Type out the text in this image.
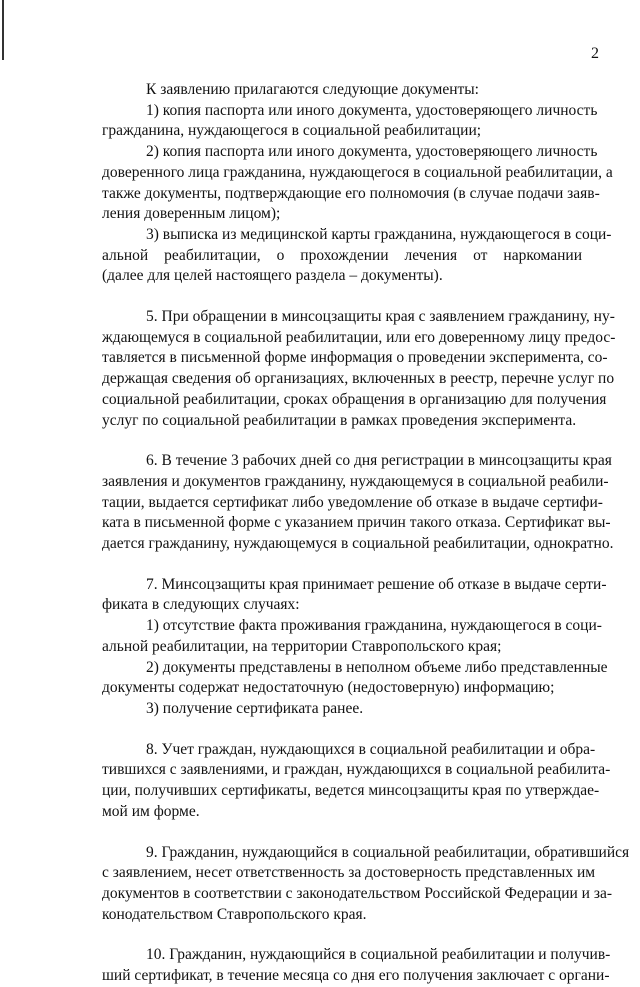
2
К заявлению прилагаются следующие документы:
1) копия паспорта или иного документа, удостоверяющего личность
гражданина, нуждающегося в социальной реабилитации;
2) копия паспорта или иного документа, удостоверяющего личность
доверенного лица гражданина, нуждающегося в социальной реабилитации, а
также документы, подтверждающие его полномочия (в случае подачи заяв-
ления доверенным лицом);
3) выписка из медицинской карты гражданина, нуждающегося в соци-
альной реабилитации, о прохождении лечения от наркомании
(далее для целей настоящего раздела – документы).
5. При обращении в минсоцзащиты края с заявлением гражданину, ну-
ждающемуся в социальной реабилитации, или его доверенному лицу предос-
тавляется в письменной форме информация о проведении эксперимента, со-
держащая сведения об организациях, включенных в реестр, перечне услуг по
социальной реабилитации, сроках обращения в организацию для получения
услуг по социальной реабилитации в рамках проведения эксперимента.
6. В течение 3 рабочих дней со дня регистрации в минсоцзащиты края
заявления и документов гражданину, нуждающемуся в социальной реабили-
тации, выдается сертификат либо уведомление об отказе в выдаче сертифи-
ката в письменной форме с указанием причин такого отказа. Сертификат вы-
дается гражданину, нуждающемуся в социальной реабилитации, однократно.
7. Минсоцзащиты края принимает решение об отказе в выдаче серти-
фиката в следующих случаях:
1) отсутствие факта проживания гражданина, нуждающегося в соци-
альной реабилитации, на территории Ставропольского края;
2) документы представлены в неполном объеме либо представленные
документы содержат недостаточную (недостоверную) информацию;
3) получение сертификата ранее.
8. Учет граждан, нуждающихся в социальной реабилитации и обра-
тившихся с заявлениями, и граждан, нуждающихся в социальной реабилита-
ции, получивших сертификаты, ведется минсоцзащиты края по утверждае-
мой им форме.
9. Гражданин, нуждающийся в социальной реабилитации, обратившийся
с заявлением, несет ответственность за достоверность представленных им
документов в соответствии с законодательством Российской Федерации и за-
конодательством Ставропольского края.
10. Гражданин, нуждающийся в социальной реабилитации и получив-
ший сертификат, в течение месяца со дня его получения заключает с органи-
